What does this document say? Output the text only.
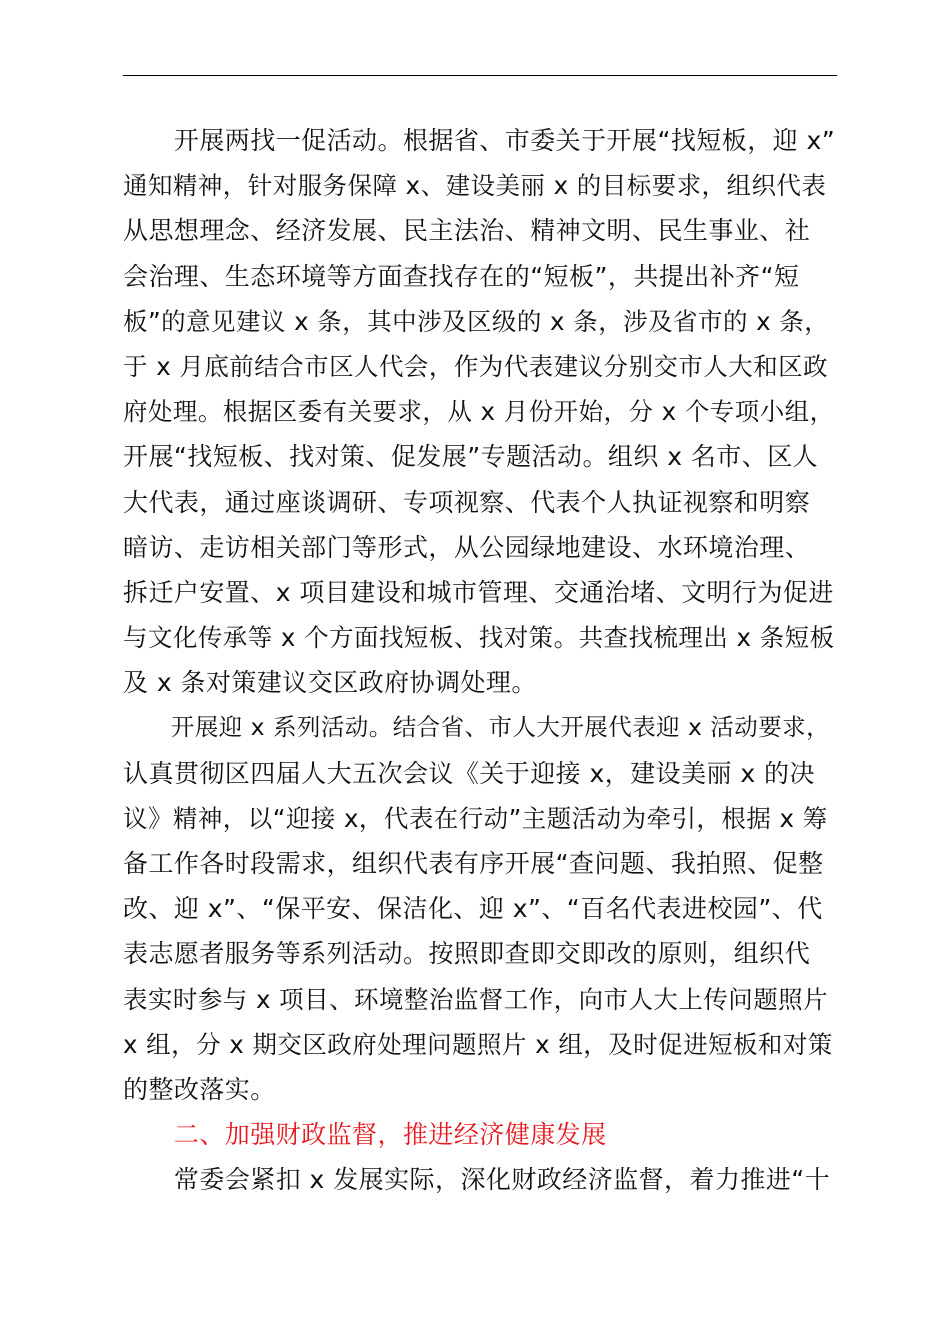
　　开展两找一促活动。根据省、市委关于开展“找短板，迎 x”
通知精神，针对服务保障 x、建设美丽 x 的目标要求，组织代表
从思想理念、经济发展、民主法治、精神文明、民生事业、社
会治理、生态环境等方面查找存在的“短板”，共提出补齐“短
板”的意见建议 x 条，其中涉及区级的 x 条，涉及省市的 x 条，
于 x 月底前结合市区人代会，作为代表建议分别交市人大和区政
府处理。根据区委有关要求，从 x 月份开始，分 x 个专项小组，
开展“找短板、找对策、促发展”专题活动。组织 x 名市、区人
大代表，通过座谈调研、专项视察、代表个人执证视察和明察
暗访、走访相关部门等形式，从公园绿地建设、水环境治理、
拆迁户安置、x 项目建设和城市管理、交通治堵、文明行为促进
与文化传承等 x 个方面找短板、找对策。共查找梳理出 x 条短板
及 x 条对策建议交区政府协调处理。
　　开展迎 x 系列活动。结合省、市人大开展代表迎 x 活动要求，
认真贯彻区四届人大五次会议《关于迎接 x，建设美丽 x 的决
议》精神，以“迎接 x，代表在行动”主题活动为牵引，根据 x 筹
备工作各时段需求，组织代表有序开展“查问题、我拍照、促整
改、迎 x”、“保平安、保洁化、迎 x”、“百名代表进校园”、代
表志愿者服务等系列活动。按照即查即交即改的原则，组织代
表实时参与 x 项目、环境整治监督工作，向市人大上传问题照片
x 组，分 x 期交区政府处理问题照片 x 组，及时促进短板和对策
的整改落实。
　　二、加强财政监督，推进经济健康发展
　　常委会紧扣 x 发展实际，深化财政经济监督，着力推进“十
